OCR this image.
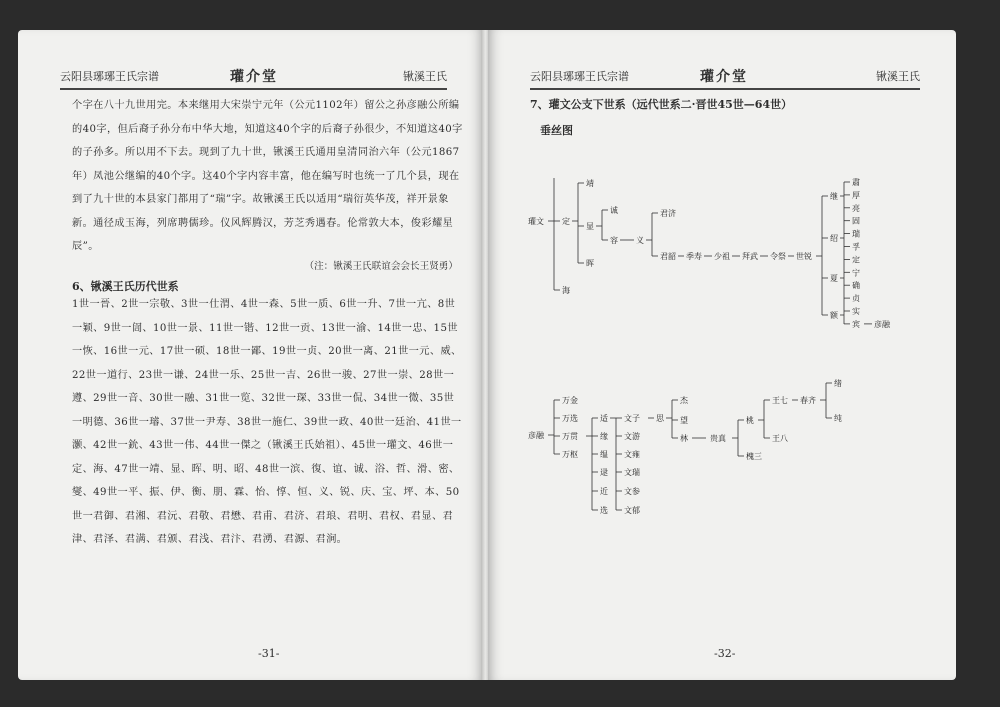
云阳县琊琊王氏宗谱	瓘介堂	锹溪王氏

个字在八十九世用完。本来继用大宋崇宁元年（公元1102年）留公之孙彦融公所编的40字，但后裔子孙分布中华大地，知道这40个字的后裔子孙很少，不知道这40字的子孙多。所以用不下去。现到了九十世，锹溪王氏通用皇清同治六年（公元1867年）凤池公继编的40个字。这40个字内容丰富，他在编写时也统一了几个县，现在到了九十世的本县家门都用了“瑞”字。故锹溪王氏以适用“瑞衍英华茂，祥开景象新。通径成玉海，列席聘儒珍。仪风辉腾汉，芳芝秀遇春。伦常敦大本，俊彩耀星辰”。

（注：锹溪王氏联谊会会长王贤勇）
6、锹溪王氏历代世系

1世一晉、2世一宗敬、3世一仕渭、4世一森、5世一质、6世一升、7世一亢、8世一颖、9世一訚、10世一景、11世一锴、12世一贡、13世一渝、14世一忠、15世一恢、16世一元、17世一硕、18世一鄙、19世一贞、20世一离、21世一元、威、22世一道行、23世一谦、24世一乐、25世一吉、26世一骏、27世一崇、28世一遵、29世一音、30世一融、31世一览、32世一琛、33世一侃、34世一微、35世一明德、36世一璿、37世一尹寿、38世一施仁、39世一政、40世一廷治、41世一灏、42世一鈗、43世一伟、44世一傑之（锹溪王氏始祖）、45世一瓘文、46世一定、海、47世一靖、显、晖、明、昭、48世一滨、復、谊、诚、浴、哲、滑、密、燮、49世一平、振、伊、衡、朋、霖、怡、惇、恒、义、锐、庆、宝、坪、本、50世一君御、君湘、君沅、君敬、君懋、君甫、君济、君琅、君明、君权、君显、君津、君泽、君满、君颁、君浅、君汴、君湧、君源、君涧。

-31-
云阳县琊琊王氏宗谱	瓘介堂	锹溪王氏
7、瓘文公支下世系（远代世系二·晋世45世—64世）
垂丝图
瓘文 定
海
靖
显
晖
诚
容 义
君济
君韶 季寿 少祖 拜武 令祭 世锐
继
绍
夏
额
肅
厚
亮
固
瑞
孚
定
宁
确
贞
实
宾 彦融
彦融
万金
万选
万贯
万枢
适
缘
缊
逯
近
选
文子
文游
文雍
文瑞
文参
文郁
思
杰
望
林	贵真
桃
槐三
王七
王八
春齐
绪
纯
-32-
